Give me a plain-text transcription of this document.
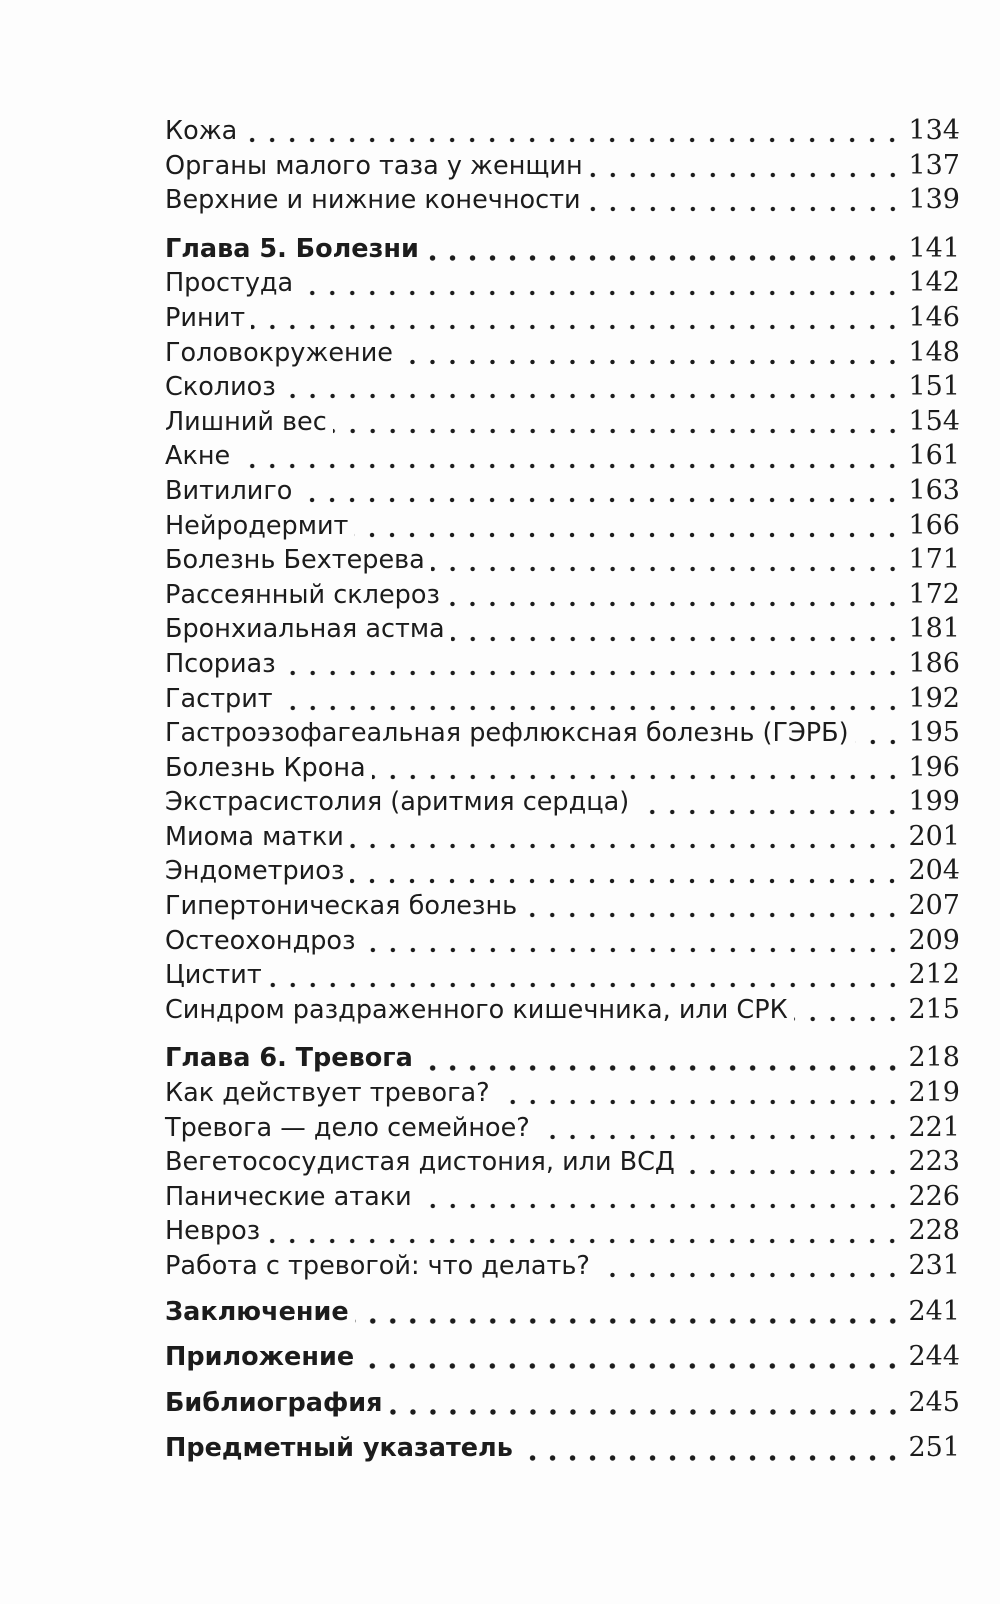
Кожа	134
Органы малого таза у женщин	137
Верхние и нижние конечности	139
Глава 5. Болезни	141
Простуда	142
Ринит	146
Головокружение	148
Сколиоз	151
Лишний вес	154
Акне	161
Витилиго	163
Нейродермит	166
Болезнь Бехтерева	171
Рассеянный склероз	172
Бронхиальная астма	181
Псориаз	186
Гастрит	192
Гастроэзофагеальная рефлюксная болезнь (ГЭРБ) 195
Болезнь Крона	196
Экстрасистолия (аритмия сердца)	199
Миома матки	201
Эндометриоз	204
Гипертоническая болезнь	207
Остеохондроз	209
Цистит	212
Синдром раздраженного кишечника, или СРК	215
Глава 6. Тревога	218
Как действует тревога?	219
Тревога — дело семейное?	221
Вегетососудистая дистония, или ВСД	223
Панические атаки	226
Невроз	228
Работа с тревогой: что делать?	231
Заключение	241
Приложение	244
Библиография	245
Предметный указатель	251
